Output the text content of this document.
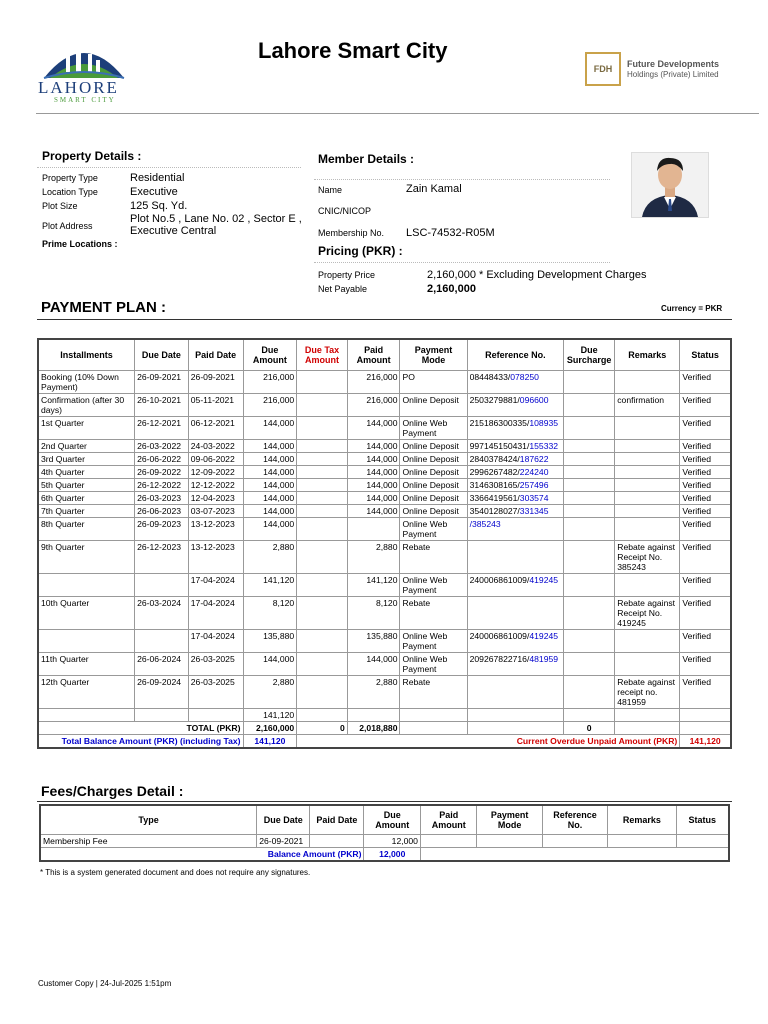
LAHORE
SMART CITY
Lahore Smart City
FDH	Future Developments
Holdings (Private) Limited
Property Details :
Property Type	Residential
Location Type	Executive
Plot Size	125 Sq. Yd.
Plot Address
Plot No.5 , Lane No. 02 , Sector E , Executive Central
Prime Locations :
Member Details :
Name	Zain Kamal
CNIC/NICOP
Membership No. LSC-74532-R05M
Pricing (PKR) :
Property Price	2,160,000 * Excluding Development Charges
Net Payable	2,160,000
PAYMENT PLAN :	Currency = PKR
Installments	Due Date	Paid Date	Due Amount	Due Tax Amount	Paid Amount	Payment Mode	Reference No.	Due Surcharge	Remarks	Status
Booking (10% Down Payment)	26-09-2021	26-09-2021	216,000		216,000	PO	08448433/078250			Verified
Confirmation (after 30 days)	26-10-2021	05-11-2021	216,000		216,000	Online Deposit	2503279881/096600		confirmation	Verified
1st Quarter	26-12-2021	06-12-2021	144,000		144,000	Online Web Payment	215186300335/108935			Verified
2nd Quarter	26-03-2022	24-03-2022	144,000		144,000	Online Deposit	997145150431/155332			Verified
3rd Quarter	26-06-2022	09-06-2022	144,000		144,000	Online Deposit	2840378424/187622			Verified
4th Quarter	26-09-2022	12-09-2022	144,000		144,000	Online Deposit	2996267482/224240			Verified
5th Quarter	26-12-2022	12-12-2022	144,000		144,000	Online Deposit	3146308165/257496			Verified
6th Quarter	26-03-2023	12-04-2023	144,000		144,000	Online Deposit	3366419561/303574			Verified
7th Quarter	26-06-2023	03-07-2023	144,000		144,000	Online Deposit	3540128027/331345			Verified
8th Quarter	26-09-2023	13-12-2023	144,000			Online Web Payment	/385243			Verified
9th Quarter	26-12-2023	13-12-2023	2,880		2,880	Rebate			Rebate against Receipt No. 385243	Verified
		17-04-2024	141,120		141,120	Online Web Payment	240006861009/419245			Verified
10th Quarter	26-03-2024	17-04-2024	8,120		8,120	Rebate			Rebate against Receipt No. 419245	Verified
		17-04-2024	135,880		135,880	Online Web Payment	240006861009/419245			Verified
11th Quarter	26-06-2024	26-03-2025	144,000		144,000	Online Web Payment	209267822716/481959			Verified
12th Quarter	26-09-2024	26-03-2025	2,880		2,880	Rebate			Rebate against receipt no. 481959	Verified
			141,120							
TOTAL (PKR)			2,160,000	0	2,018,880			0		
Total Balance Amount (PKR) (including Tax)			141,120	Current Overdue Unpaid Amount (PKR)						141,120
Fees/Charges Detail :
Type	Due Date	Paid Date	Due Amount	Paid Amount	Payment Mode	Reference No.	Remarks	Status
Membership Fee	26-09-2021		12,000					
Balance Amount (PKR)			12,000					
* This is a system generated document and does not require any signatures.
Customer Copy | 24-Jul-2025 1:51pm
